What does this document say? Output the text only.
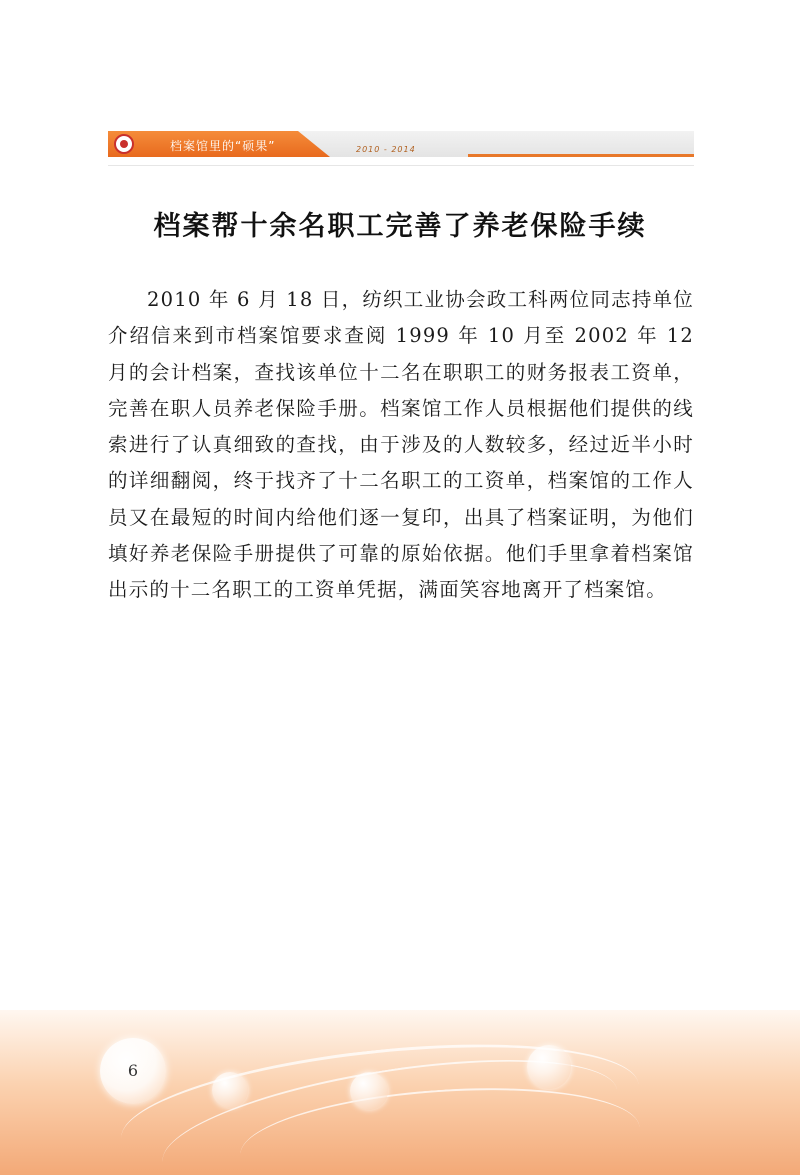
档案馆里的“硕果”	2010 - 2014
档案帮十余名职工完善了养老保险手续

2010 年 6 月 18 日，纺织工业协会政工科两位同志持单位介绍信来到市档案馆要求查阅 1999 年 10 月至 2002 年 12 月的会计档案，查找该单位十二名在职职工的财务报表工资单，完善在职人员养老保险手册。档案馆工作人员根据他们提供的线索进行了认真细致的查找，由于涉及的人数较多，经过近半小时的详细翻阅，终于找齐了十二名职工的工资单，档案馆的工作人员又在最短的时间内给他们逐一复印，出具了档案证明，为他们填好养老保险手册提供了可靠的原始依据。他们手里拿着档案馆出示的十二名职工的工资单凭据，满面笑容地离开了档案馆。

6
